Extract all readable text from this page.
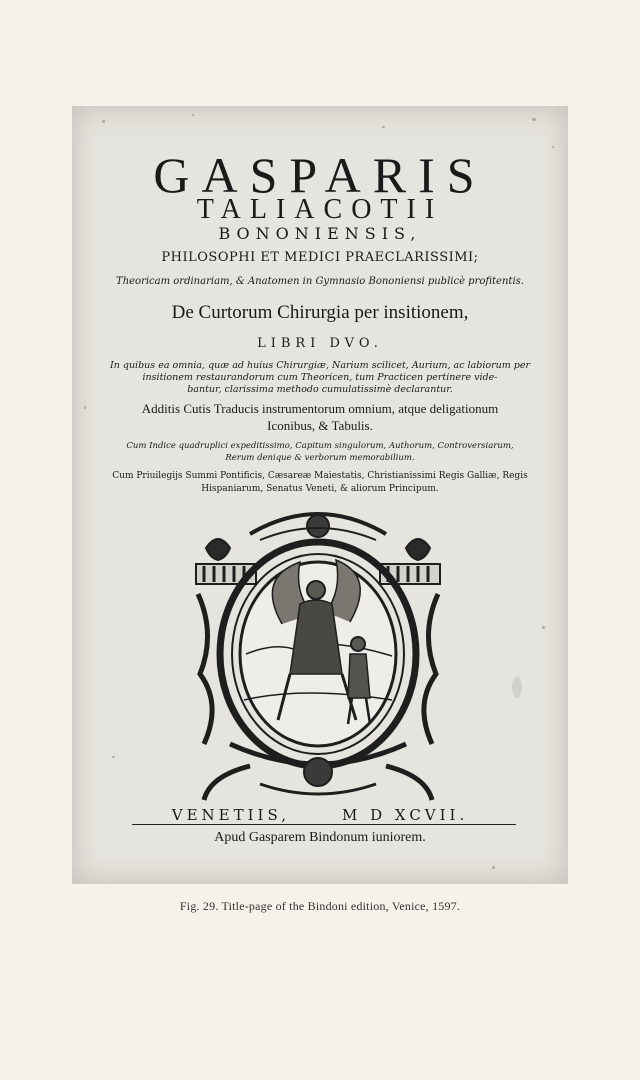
GASPARIS
TALIACOTII
BONONIENSIS,
PHILOSOPHI ET MEDICI PRAECLARISSIMI;
Theoricam ordinariam, & Anatomen in Gymnasio Bononiensi publicè profitentis.
De Curtorum Chirurgia per insitionem,
LIBRI DVO.
In quibus ea omnia, quæ ad huius Chirurgiæ, Narium scilicet, Aurium, ac labiorum per
insitionem restaurandorum cum Theoricen, tum Practicen pertinere vide-
bantur, clarissima methodo cumulatissimè declarantur.
Additis Cutis Traducis instrumentorum omnium, atque deligationum
Iconibus, & Tabulis.
Cum Indice quadruplici expeditissimo, Capitum singulorum, Authorum, Controversiarum,
Rerum denique & verborum memorabilium.
Cum Priuilegijs Summi Pontificis, Cæsareæ Maiestatis, Christianissimi Regis Galliæ, Regis
Hispaniarum, Senatus Veneti, & aliorum Principum.
VENETIIS,	M D XCVII.
Apud Gasparem Bindonum iuniorem.
Fig. 29. Title-page of the Bindoni edition, Venice, 1597.
